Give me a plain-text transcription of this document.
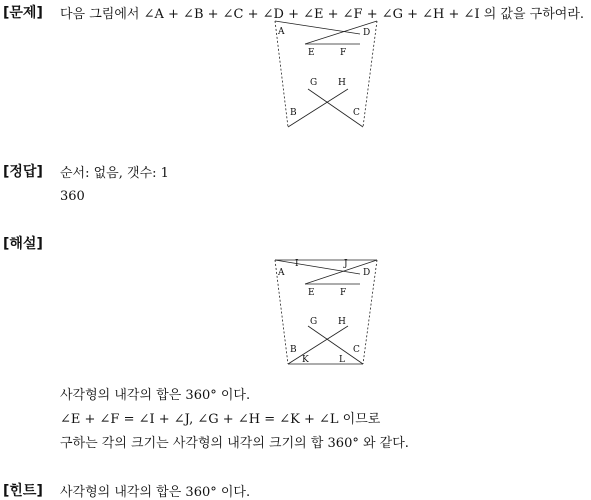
[문제] 다음 그림에서 ∠A + ∠B + ∠C + ∠D + ∠E + ∠F + ∠G + ∠H + ∠I 의 값을 구하여라.
A	D
E	F
G H
B	C
[정답] 순서: 없음, 갯수: 1
360
[해설]
I	J
A	D
E	F
G H
B	C
K	L
사각형의 내각의 합은 360° 이다.
∠E + ∠F = ∠I + ∠J, ∠G + ∠H = ∠K + ∠L 이므로
구하는 각의 크기는 사각형의 내각의 크기의 합 360° 와 같다.
[힌트] 사각형의 내각의 합은 360° 이다.
